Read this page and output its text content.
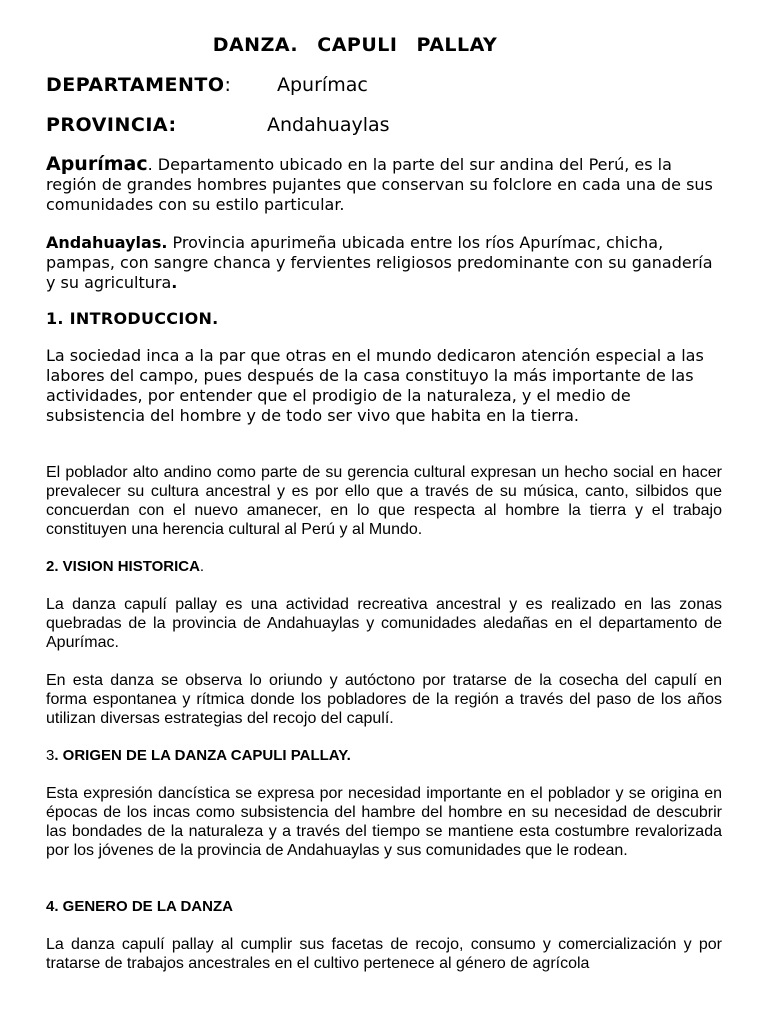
DANZA. CAPULI PALLAY
DEPARTAMENTO: Apurímac
PROVINCIA:	Andahuaylas
Apurímac. Departamento ubicado en la parte del sur andina del Perú, es la región de grandes hombres pujantes que conservan su folclore en cada una de sus comunidades con su estilo particular.
Andahuaylas. Provincia apurimeña ubicada entre los ríos Apurímac, chicha, pampas, con sangre chanca y fervientes religiosos predominante con su ganadería y su agricultura.
1. INTRODUCCION.
La sociedad inca a la par que otras en el mundo dedicaron atención especial a las labores del campo, pues después de la casa constituyo la más importante de las actividades, por entender que el prodigio de la naturaleza, y el medio de subsistencia del hombre y de todo ser vivo que habita en la tierra.
El poblador alto andino como parte de su gerencia cultural expresan un hecho social en hacer prevalecer su cultura ancestral y es por ello que a través de su música, canto, silbidos que concuerdan con el nuevo amanecer, en lo que respecta al hombre la tierra y el trabajo constituyen una herencia cultural al Perú y al Mundo.
2. VISION HISTORICA.
La danza capulí pallay es una actividad recreativa ancestral y es realizado en las zonas quebradas de la provincia de Andahuaylas y comunidades aledañas en el departamento de Apurímac.
En esta danza se observa lo oriundo y autóctono por tratarse de la cosecha del capulí en forma espontanea y rítmica donde los pobladores de la región a través del paso de los años utilizan diversas estrategias del recojo del capulí.
3. ORIGEN DE LA DANZA CAPULI PALLAY.
Esta expresión dancística se expresa por necesidad importante en el poblador y se origina en épocas de los incas como subsistencia del hambre del hombre en su necesidad de descubrir las bondades de la naturaleza y a través del tiempo se mantiene esta costumbre revalorizada por los jóvenes de la provincia de Andahuaylas y sus comunidades que le rodean.
4. GENERO DE LA DANZA
La danza capulí pallay al cumplir sus facetas de recojo, consumo y comercialización y por tratarse de trabajos ancestrales en el cultivo pertenece al género de agrícola
